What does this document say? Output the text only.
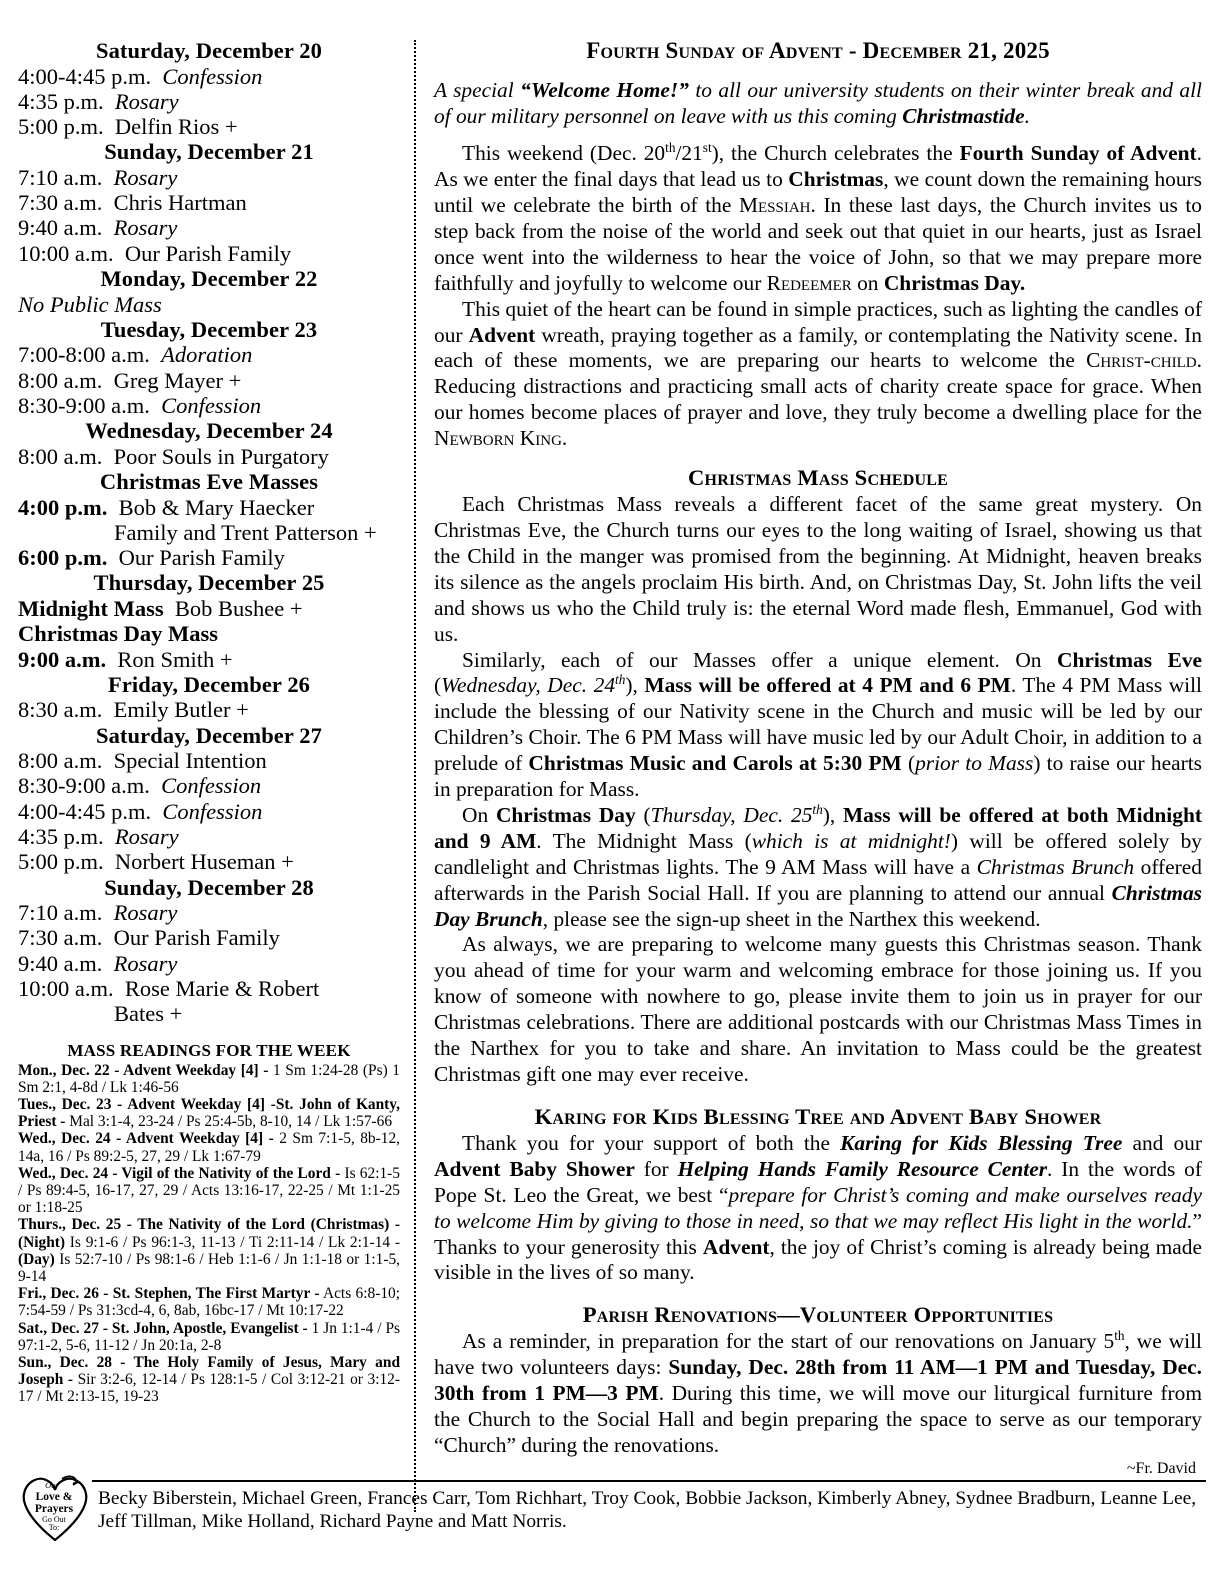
Saturday, December 20
4:00-4:45 p.m. Confession
4:35 p.m. Rosary
5:00 p.m. Delfin Rios +
Sunday, December 21
7:10 a.m. Rosary
7:30 a.m. Chris Hartman
9:40 a.m. Rosary
10:00 a.m. Our Parish Family
Monday, December 22
No Public Mass
Tuesday, December 23
7:00-8:00 a.m. Adoration
8:00 a.m. Greg Mayer +
8:30-9:00 a.m. Confession
Wednesday, December 24
8:00 a.m. Poor Souls in Purgatory
Christmas Eve Masses
4:00 p.m. Bob & Mary Haecker
Family and Trent Patterson +
6:00 p.m. Our Parish Family
Thursday, December 25
Midnight Mass Bob Bushee +
Christmas Day Mass
9:00 a.m. Ron Smith +
Friday, December 26
8:30 a.m. Emily Butler +
Saturday, December 27
8:00 a.m. Special Intention
8:30-9:00 a.m. Confession
4:00-4:45 p.m. Confession
4:35 p.m. Rosary
5:00 p.m. Norbert Huseman +
Sunday, December 28
7:10 a.m. Rosary
7:30 a.m. Our Parish Family
9:40 a.m. Rosary
10:00 a.m. Rose Marie & Robert
Bates +
MASS READINGS FOR THE WEEK

Mon., Dec. 22 - Advent Weekday [4] - 1 Sm 1:24-28 (Ps) 1 Sm 2:1, 4-8d / Lk 1:46-56

Tues., Dec. 23 - Advent Weekday [4] -St. John of Kanty, Priest - Mal 3:1-4, 23-24 / Ps 25:4-5b, 8-10, 14 / Lk 1:57-66

Wed., Dec. 24 - Advent Weekday [4] - 2 Sm 7:1-5, 8b-12, 14a, 16 / Ps 89:2-5, 27, 29 / Lk 1:67-79

Wed., Dec. 24 - Vigil of the Nativity of the Lord - Is 62:1-5 / Ps 89:4-5, 16-17, 27, 29 / Acts 13:16-17, 22-25 / Mt 1:1-25 or 1:18-25

Thurs., Dec. 25 - The Nativity of the Lord (Christmas) - (Night) Is 9:1-6 / Ps 96:1-3, 11-13 / Ti 2:11-14 / Lk 2:1-14 - (Day) Is 52:7-10 / Ps 98:1-6 / Heb 1:1-6 / Jn 1:1-18 or 1:1-5, 9-14

Fri., Dec. 26 - St. Stephen, The First Martyr - Acts 6:8-10; 7:54-59 / Ps 31:3cd-4, 6, 8ab, 16bc-17 / Mt 10:17-22

Sat., Dec. 27 - St. John, Apostle, Evangelist - 1 Jn 1:1-4 / Ps 97:1-2, 5-6, 11-12 / Jn 20:1a, 2-8

Sun., Dec. 28 - The Holy Family of Jesus, Mary and Joseph - Sir 3:2-6, 12-14 / Ps 128:1-5 / Col 3:12-21 or 3:12-17 / Mt 2:13-15, 19-23

Fourth Sunday of Advent - December 21, 2025

A special “Welcome Home!” to all our university students on their winter break and all of our military personnel on leave with us this coming Christmastide.

This weekend (Dec. 20th/21st), the Church celebrates the Fourth Sunday of Advent. As we enter the final days that lead us to Christmas, we count down the remaining hours until we celebrate the birth of the Messiah. In these last days, the Church invites us to step back from the noise of the world and seek out that quiet in our hearts, just as Israel once went into the wilderness to hear the voice of John, so that we may prepare more faithfully and joyfully to welcome our Redeemer on Christmas Day.

This quiet of the heart can be found in simple practices, such as lighting the candles of our Advent wreath, praying together as a family, or contemplating the Nativity scene. In each of these moments, we are preparing our hearts to welcome the Christ-child. Reducing distractions and practicing small acts of charity create space for grace. When our homes become places of prayer and love, they truly become a dwelling place for the Newborn King.

Christmas Mass Schedule

Each Christmas Mass reveals a different facet of the same great mystery. On Christmas Eve, the Church turns our eyes to the long waiting of Israel, showing us that the Child in the manger was promised from the beginning. At Midnight, heaven breaks its silence as the angels proclaim His birth. And, on Christmas Day, St. John lifts the veil and shows us who the Child truly is: the eternal Word made flesh, Emmanuel, God with us.

Similarly, each of our Masses offer a unique element. On Christmas Eve (Wednesday, Dec. 24th), Mass will be offered at 4 PM and 6 PM. The 4 PM Mass will include the blessing of our Nativity scene in the Church and music will be led by our Children’s Choir. The 6 PM Mass will have music led by our Adult Choir, in addition to a prelude of Christmas Music and Carols at 5:30 PM (prior to Mass) to raise our hearts in preparation for Mass.

On Christmas Day (Thursday, Dec. 25th), Mass will be offered at both Midnight and 9 AM. The Midnight Mass (which is at midnight!) will be offered solely by candlelight and Christmas lights. The 9 AM Mass will have a Christmas Brunch offered afterwards in the Parish Social Hall. If you are planning to attend our annual Christmas Day Brunch, please see the sign-up sheet in the Narthex this weekend.

As always, we are preparing to welcome many guests this Christmas season. Thank you ahead of time for your warm and welcoming embrace for those joining us. If you know of someone with nowhere to go, please invite them to join us in prayer for our Christmas celebrations. There are additional postcards with our Christmas Mass Times in the Narthex for you to take and share. An invitation to Mass could be the greatest Christmas gift one may ever receive.

Karing for Kids Blessing Tree and Advent Baby Shower

Thank you for your support of both the Karing for Kids Blessing Tree and our Advent Baby Shower for Helping Hands Family Resource Center. In the words of Pope St. Leo the Great, we best “prepare for Christ’s coming and make ourselves ready to welcome Him by giving to those in need, so that we may reflect His light in the world.” Thanks to your generosity this Advent, the joy of Christ’s coming is already being made visible in the lives of so many.

Parish Renovations—Volunteer Opportunities

As a reminder, in preparation for the start of our renovations on January 5th, we will have two volunteers days: Sunday, Dec. 28th from 11 AM—1 PM and Tuesday, Dec. 30th from 1 PM—3 PM. During this time, we will move our liturgical furniture from the Church to the Social Hall and begin preparing the space to serve as our temporary “Church” during the renovations.

~Fr. David
Our
Love &
Prayers
Go Out
To:
Becky Biberstein, Michael Green, Frances Carr, Tom Richhart, Troy Cook, Bobbie Jackson, Kimberly Abney, Sydnee Bradburn, Leanne Lee, Jeff Tillman, Mike Holland, Richard Payne and Matt Norris.
